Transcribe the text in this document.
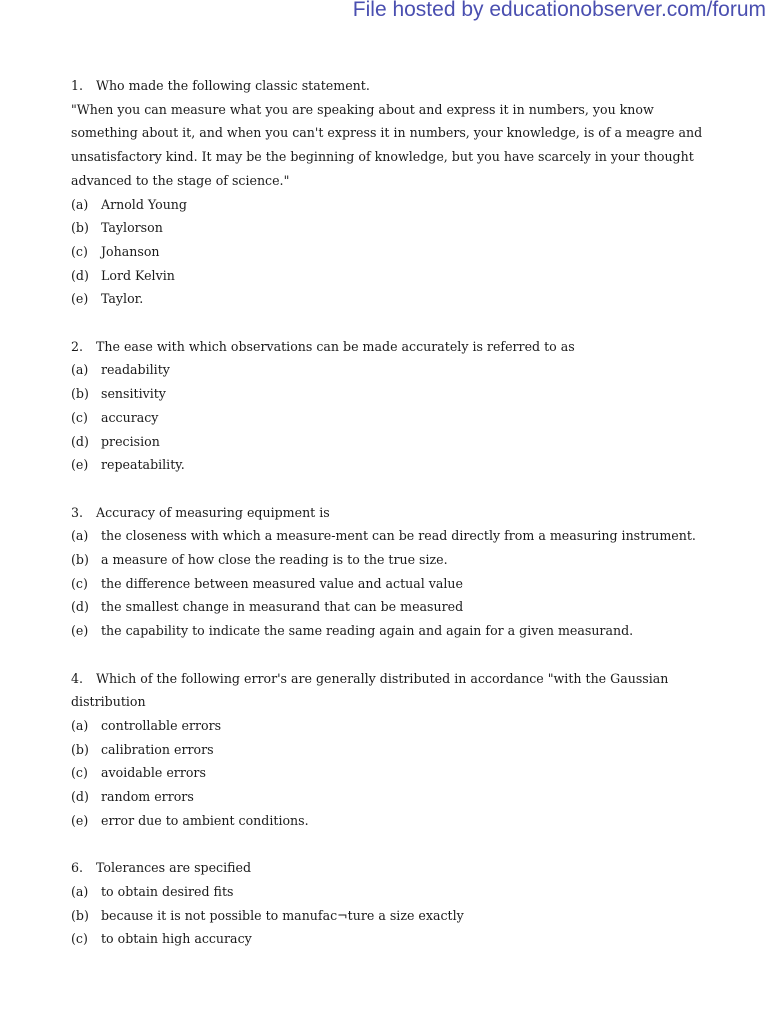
File hosted by educationobserver.com/forum
1. Who made the following classic statement.
"When you can measure what you are speaking about and express it in numbers, you know something about it, and when you can't express it in numbers, your knowledge, is of a meagre and unsatisfactory kind. It may be the beginning of knowledge, but you have scarcely in your thought advanced to the stage of science."
(a)	Arnold Young
(b) Taylorson
(c)	Johanson
(d) Lord Kelvin
(e)	Taylor.
2. The ease with which observations can be made accurately is referred to as
(a)	readability
(b) sensitivity
(c)	accuracy
(d) precision
(e)	repeatability.
3. Accuracy of measuring equipment is
(a)	the closeness with which a measure-ment can be read directly from a measuring instrument.
(b) a measure of how close the reading is to the true size.
(c)	the difference between measured value and actual value
(d) the smallest change in measurand that can be measured
(e)	the capability to indicate the same reading again and again for a given measurand.
4. Which of the following error's are generally distributed in accordance "with the Gaussian distribution
(a)	controllable errors
(b) calibration errors
(c)	avoidable errors
(d) random errors
(e)	error due to ambient conditions.
6. Tolerances are specified
(a)	to obtain desired fits
(b) because it is not possible to manufac¬ture a size exactly
(c)	to obtain high accuracy
